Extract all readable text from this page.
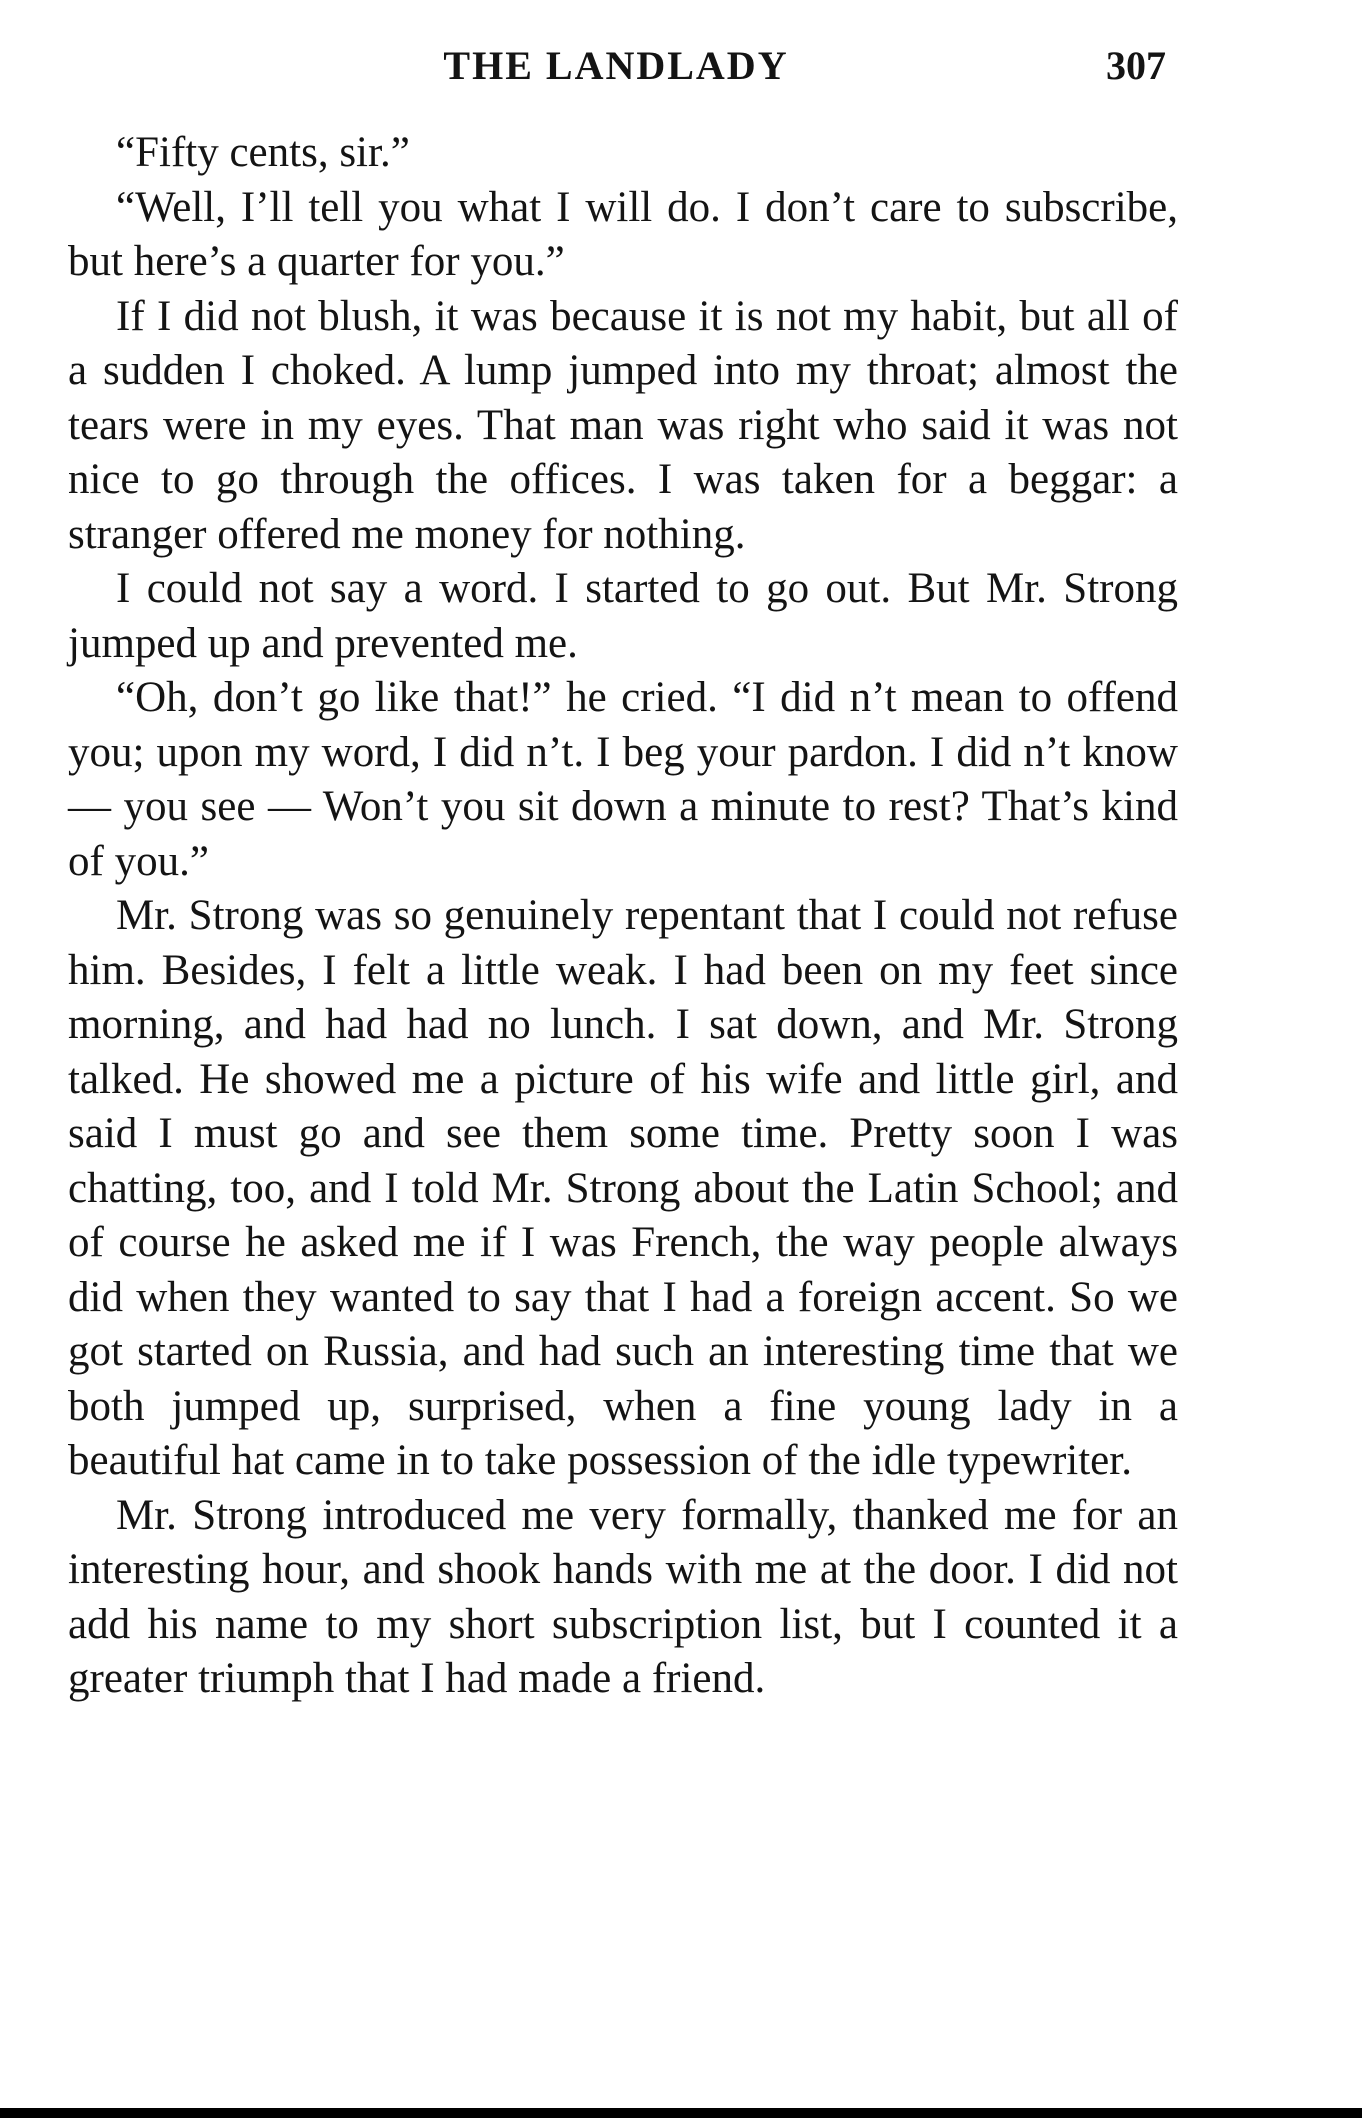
THE LANDLADY	307

“Fifty cents, sir.”

“Well, I’ll tell you what I will do. I don’t care to subscribe, but here’s a quarter for you.”

If I did not blush, it was because it is not my habit, but all of a sudden I choked. A lump jumped into my throat; almost the tears were in my eyes. That man was right who said it was not nice to go through the offices. I was taken for a beggar: a stranger offered me money for nothing.

I could not say a word. I started to go out. But Mr. Strong jumped up and prevented me.

“Oh, don’t go like that!” he cried. “I did n’t mean to offend you; upon my word, I did n’t. I beg your pardon. I did n’t know — you see — Won’t you sit down a minute to rest? That’s kind of you.”

Mr. Strong was so genuinely repentant that I could not refuse him. Besides, I felt a little weak. I had been on my feet since morning, and had had no lunch. I sat down, and Mr. Strong talked. He showed me a picture of his wife and little girl, and said I must go and see them some time. Pretty soon I was chatting, too, and I told Mr. Strong about the Latin School; and of course he asked me if I was French, the way people always did when they wanted to say that I had a foreign accent. So we got started on Russia, and had such an interesting time that we both jumped up, surprised, when a fine young lady in a beautiful hat came in to take possession of the idle typewriter.

Mr. Strong introduced me very formally, thanked me for an interesting hour, and shook hands with me at the door. I did not add his name to my short subscription list, but I counted it a greater triumph that I had made a friend.
